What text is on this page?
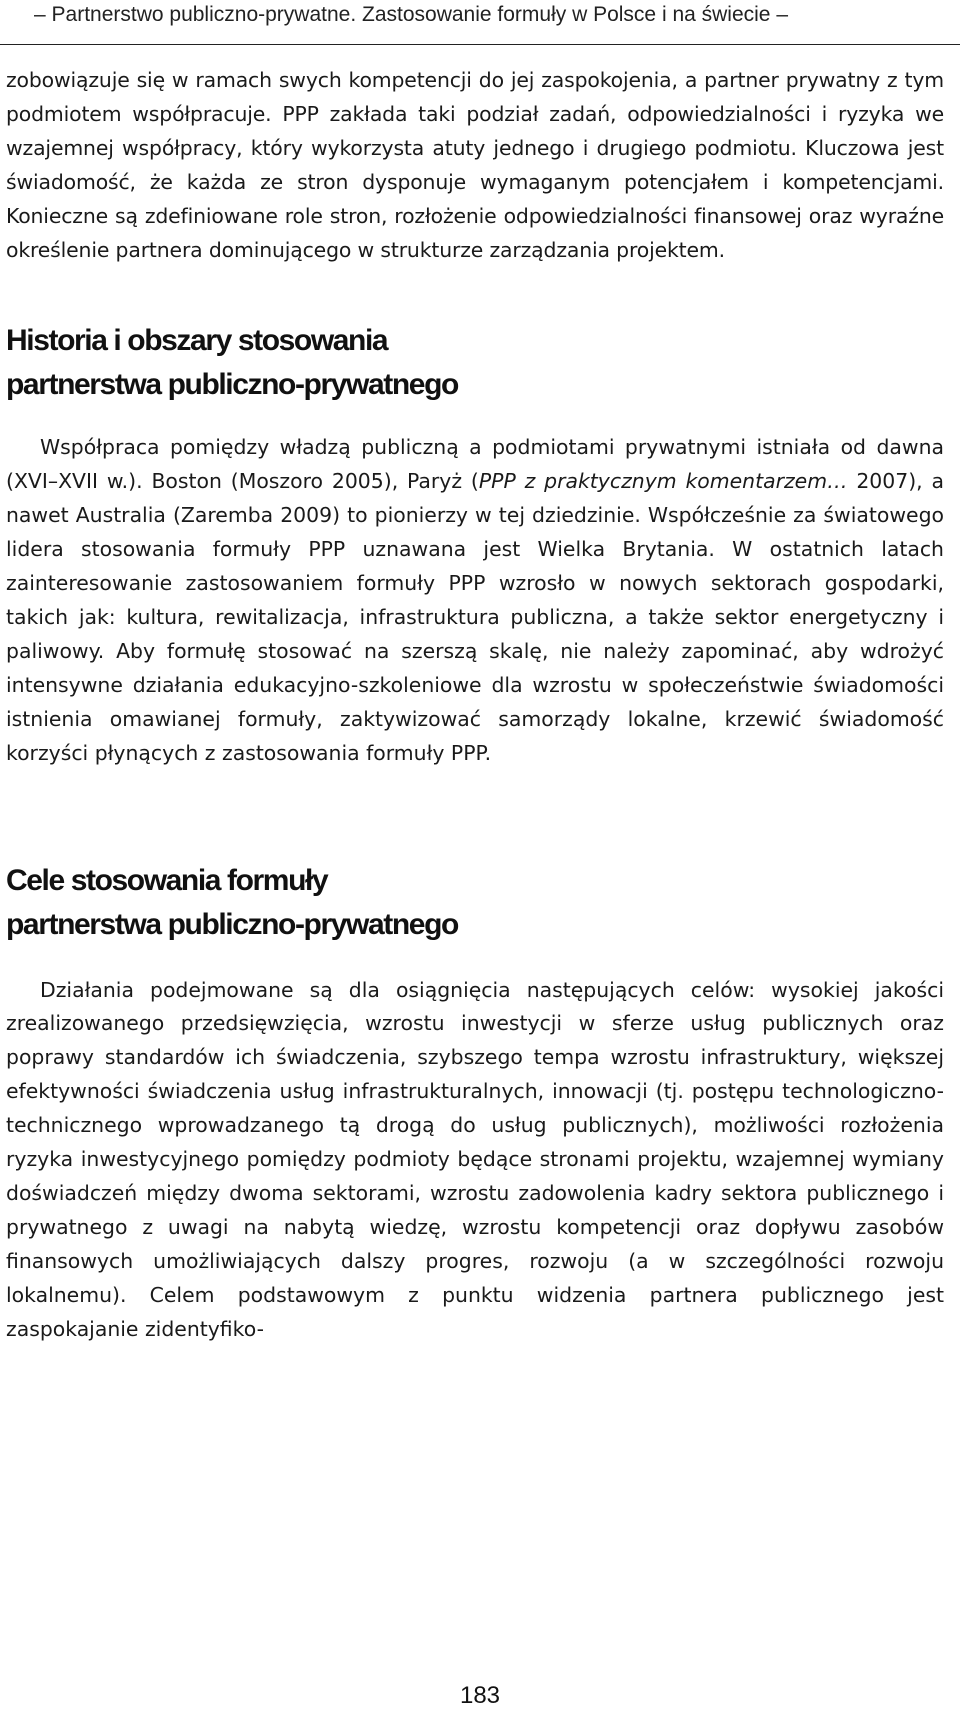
– Partnerstwo publiczno-prywatne. Zastosowanie formuły w Polsce i na świecie –

zobowiązuje się w ramach swych kompetencji do jej zaspokojenia, a partner prywatny z tym podmiotem współpracuje. PPP zakłada taki podział zadań, odpowiedzialności i ryzyka we wzajemnej współpracy, który wykorzysta atuty jednego i drugiego podmiotu. Kluczowa jest świadomość, że każda ze stron dysponuje wymaganym potencjałem i kompetencjami. Konieczne są zdefiniowane role stron, rozłożenie odpowiedzialności finansowej oraz wyraźne określenie partnera dominującego w strukturze zarządzania projektem.

Historia i obszary stosowania
partnerstwa publiczno-prywatnego

Współpraca pomiędzy władzą publiczną a podmiotami prywatnymi istniała od dawna (XVI–XVII w.). Boston (Moszoro 2005), Paryż (PPP z praktycznym komentarzem… 2007), a nawet Australia (Zaremba 2009) to pionierzy w tej dziedzinie. Współcześnie za światowego lidera stosowania formuły PPP uznawana jest Wielka Brytania. W ostatnich latach zainteresowanie zastosowaniem formuły PPP wzrosło w nowych sektorach gospodarki, takich jak: kultura, rewitalizacja, infrastruktura publiczna, a także sektor energetyczny i paliwowy. Aby formułę stosować na szerszą skalę, nie należy zapominać, aby wdrożyć intensywne działania edukacyjno-szkoleniowe dla wzrostu w społeczeństwie świadomości istnienia omawianej formuły, zaktywizować samorządy lokalne, krzewić świadomość korzyści płynących z zastosowania formuły PPP.

Cele stosowania formuły
partnerstwa publiczno-prywatnego

Działania podejmowane są dla osiągnięcia następujących celów: wysokiej jakości zrealizowanego przedsięwzięcia, wzrostu inwestycji w sferze usług publicznych oraz poprawy standardów ich świadczenia, szybszego tempa wzrostu infrastruktury, większej efektywności świadczenia usług infrastrukturalnych, innowacji (tj. postępu technologiczno-technicznego wprowadzanego tą drogą do usług publicznych), możliwości rozłożenia ryzyka inwestycyjnego pomiędzy podmioty będące stronami projektu, wzajemnej wymiany doświadczeń między dwoma sektorami, wzrostu zadowolenia kadry sektora publicznego i prywatnego z uwagi na nabytą wiedzę, wzrostu kompetencji oraz dopływu zasobów finansowych umożliwiających dalszy progres, rozwoju (a w szczególności rozwoju lokalnemu). Celem podstawowym z punktu widzenia partnera publicznego jest zaspokajanie zidentyfiko-

183
